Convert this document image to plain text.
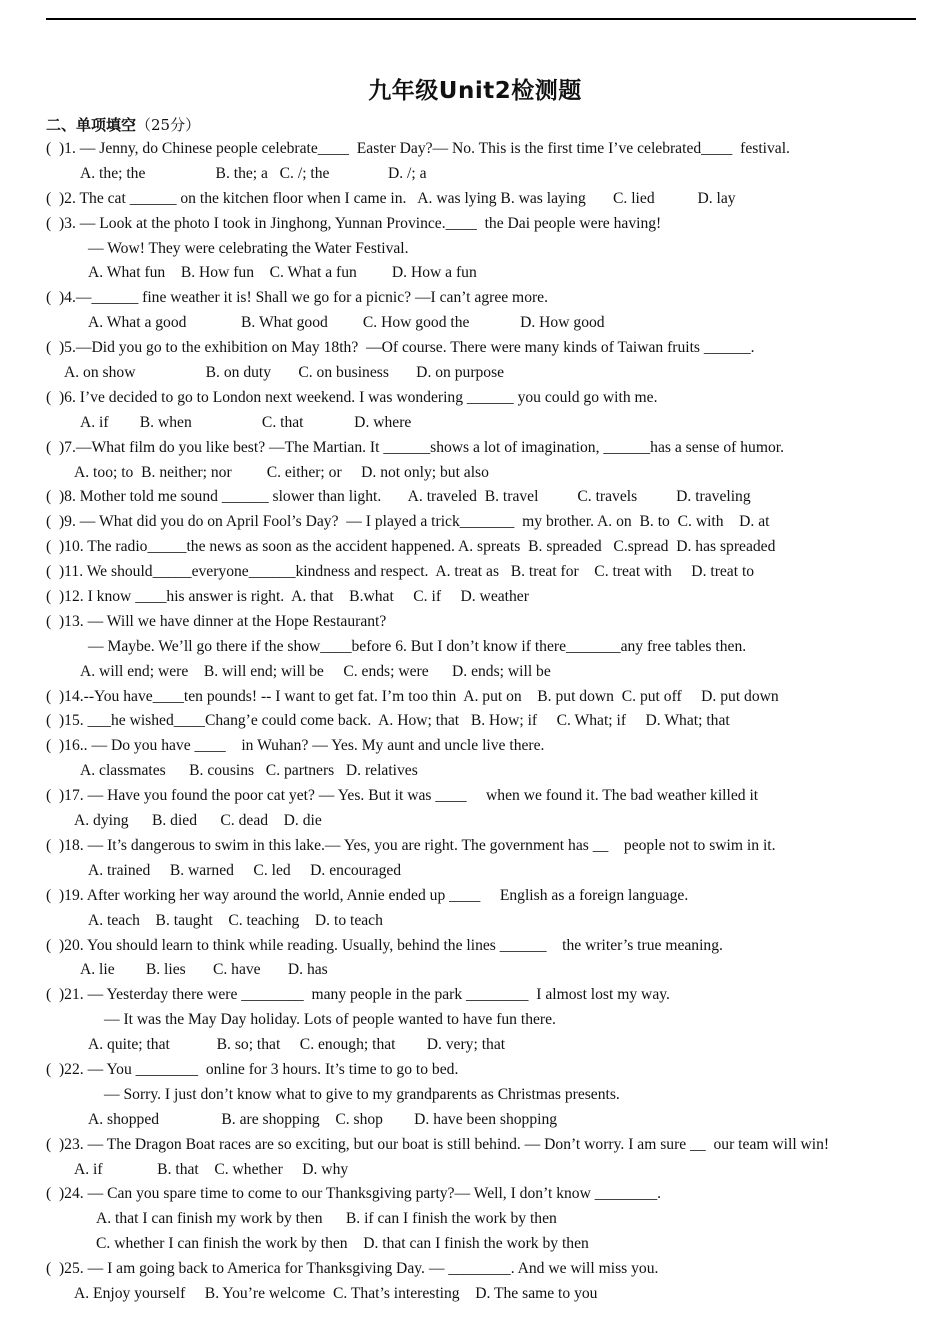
九年级Unit2检测题
二、单项填空（25分）
(  )1. — Jenny, do Chinese people celebrate____  Easter Day?— No. This is the first time I’ve celebrated____  festival.
A. the; the                  B. the; a   C. /; the               D. /; a
(  )2. The cat ______ on the kitchen floor when I came in.   A. was lying B. was laying       C. lied           D. lay
(  )3. — Look at the photo I took in Jinghong, Yunnan Province.____  the Dai people were having!
— Wow! They were celebrating the Water Festival.
A. What fun    B. How fun    C. What a fun         D. How a fun
(  )4.—______ fine weather it is! Shall we go for a picnic? —I can’t agree more.
A. What a good              B. What good         C. How good the             D. How good
(  )5.—Did you go to the exhibition on May 18th?  —Of course. There were many kinds of Taiwan fruits ______.
A. on show                  B. on duty       C. on business       D. on purpose
(  )6. I’ve decided to go to London next weekend. I was wondering ______ you could go with me.
A. if        B. when                  C. that             D. where
(  )7.—What film do you like best? —The Martian. It ______shows a lot of imagination, ______has a sense of humor.
A. too; to  B. neither; nor         C. either; or     D. not only; but also
(  )8. Mother told me sound ______ slower than light.       A. traveled  B. travel          C. travels          D. traveling
(  )9. — What did you do on April Fool’s Day?  — I played a trick_______  my brother. A. on  B. to  C. with    D. at
(  )10. The radio_____the news as soon as the accident happened. A. spreats  B. spreaded   C.spread  D. has spreaded
(  )11. We should_____everyone______kindness and respect.  A. treat as   B. treat for    C. treat with     D. treat to
(  )12. I know ____his answer is right.  A. that    B.what     C. if     D. weather
(  )13. — Will we have dinner at the Hope Restaurant?
— Maybe. We’ll go there if the show____before 6. But I don’t know if there_______any free tables then.
A. will end; were    B. will end; will be     C. ends; were      D. ends; will be
(  )14.--You have____ten pounds! -- I want to get fat. I’m too thin  A. put on    B. put down  C. put off     D. put down
(  )15. ___he wished____Chang’e could come back.  A. How; that   B. How; if     C. What; if     D. What; that
(  )16.. — Do you have ____    in Wuhan? — Yes. My aunt and uncle live there.
A. classmates      B. cousins   C. partners   D. relatives
(  )17. — Have you found the poor cat yet? — Yes. But it was ____     when we found it. The bad weather killed it
A. dying      B. died      C. dead    D. die
(  )18. — It’s dangerous to swim in this lake.— Yes, you are right. The government has __    people not to swim in it.
A. trained     B. warned     C. led     D. encouraged
(  )19. After working her way around the world, Annie ended up ____     English as a foreign language.
A. teach    B. taught    C. teaching    D. to teach
(  )20. You should learn to think while reading. Usually, behind the lines ______    the writer’s true meaning.
A. lie        B. lies       C. have       D. has
(  )21. — Yesterday there were ________  many people in the park ________  I almost lost my way.
— It was the May Day holiday. Lots of people wanted to have fun there.
A. quite; that            B. so; that     C. enough; that        D. very; that
(  )22. — You ________  online for 3 hours. It’s time to go to bed.
— Sorry. I just don’t know what to give to my grandparents as Christmas presents.
A. shopped                B. are shopping    C. shop        D. have been shopping
(  )23. — The Dragon Boat races are so exciting, but our boat is still behind. — Don’t worry. I am sure __  our team will win!
A. if              B. that    C. whether     D. why
(  )24. — Can you spare time to come to our Thanksgiving party?— Well, I don’t know ________.
A. that I can finish my work by then      B. if can I finish the work by then
C. whether I can finish the work by then    D. that can I finish the work by then
(  )25. — I am going back to America for Thanksgiving Day. — ________. And we will miss you.
A. Enjoy yourself     B. You’re welcome  C. That’s interesting    D. The same to you
